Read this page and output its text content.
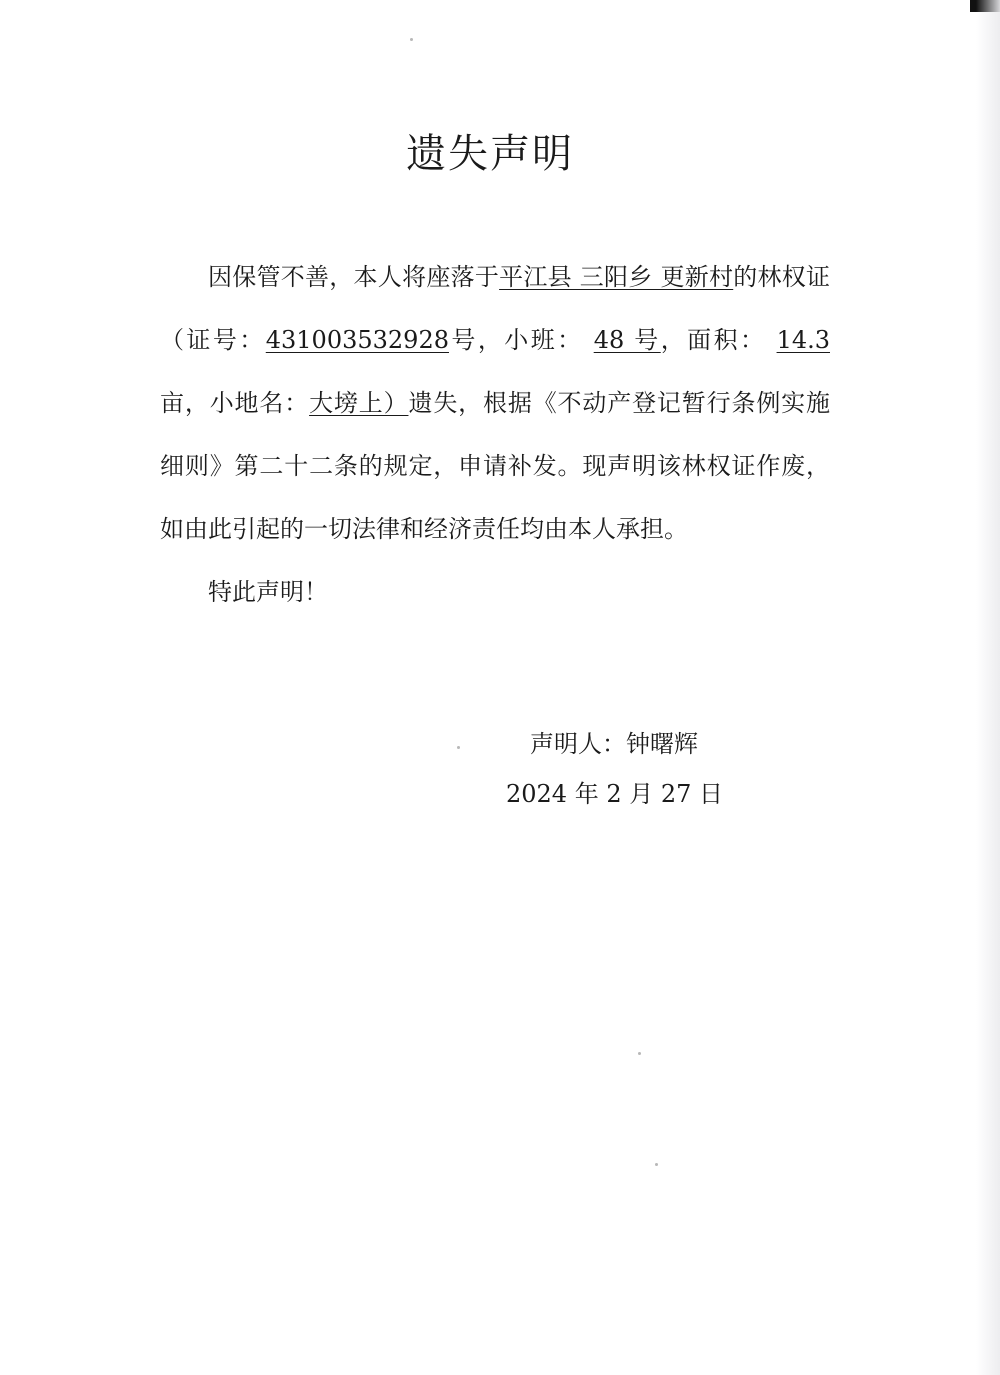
遗失声明

因保管不善，本人将座落于平江县 三阳乡 更新村的林权证（证号：431003532928号，小班： 48 号，面积： 14.3亩，小地名：大塝上）遗失，根据《不动产登记暂行条例实施细则》第二十二条的规定，申请补发。现声明该林权证作废，如由此引起的一切法律和经济责任均由本人承担。

特此声明！

声明人：钟曙辉
2024 年 2 月 27 日
